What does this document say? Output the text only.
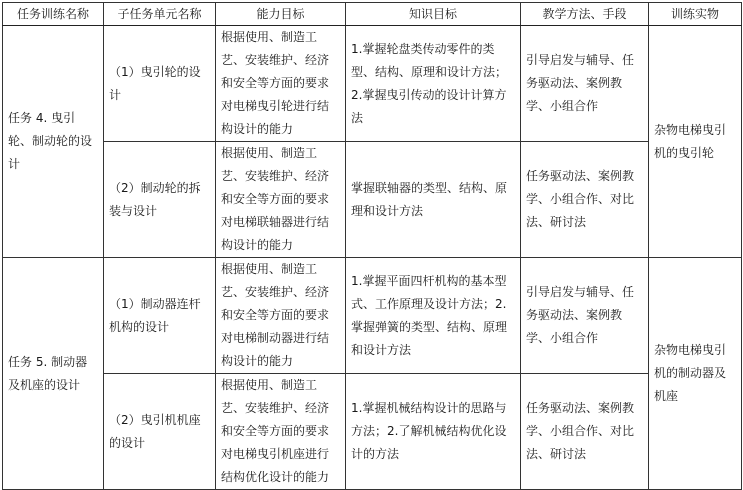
任务训练名称	子任务单元名称	能力目标	知识目标	教学方法、手段	训练实物
任务 4. 曳引轮、制动轮的设计	（1）曳引轮的设计	根据使用、制造工艺、安装维护、经济和安全等方面的要求对电梯曳引轮进行结构设计的能力	1.掌握轮盘类传动零件的类型、结构、原理和设计方法；2.掌握曳引传动的设计计算方法	引导启发与辅导、任务驱动法、案例教学、小组合作	杂物电梯曳引机的曳引轮
	（2）制动轮的拆装与设计	根据使用、制造工艺、安装维护、经济和安全等方面的要求对电梯联轴器进行结构设计的能力	掌握联轴器的类型、结构、原理和设计方法	任务驱动法、案例教学、小组合作、对比法、研讨法	
任务 5. 制动器及机座的设计	（1）制动器连杆机构的设计	根据使用、制造工艺、安装维护、经济和安全等方面的要求对电梯制动器进行结构设计的能力	1.掌握平面四杆机构的基本型式、工作原理及设计方法；2.掌握弹簧的类型、结构、原理和设计方法	引导启发与辅导、任务驱动法、案例教学、小组合作	杂物电梯曳引机的制动器及机座
	（2）曳引机机座的设计	根据使用、制造工艺、安装维护、经济和安全等方面的要求对电梯曳引机座进行结构优化设计的能力	1.掌握机械结构设计的思路与方法；2.了解机械结构优化设计的方法	任务驱动法、案例教学、小组合作、对比法、研讨法	
